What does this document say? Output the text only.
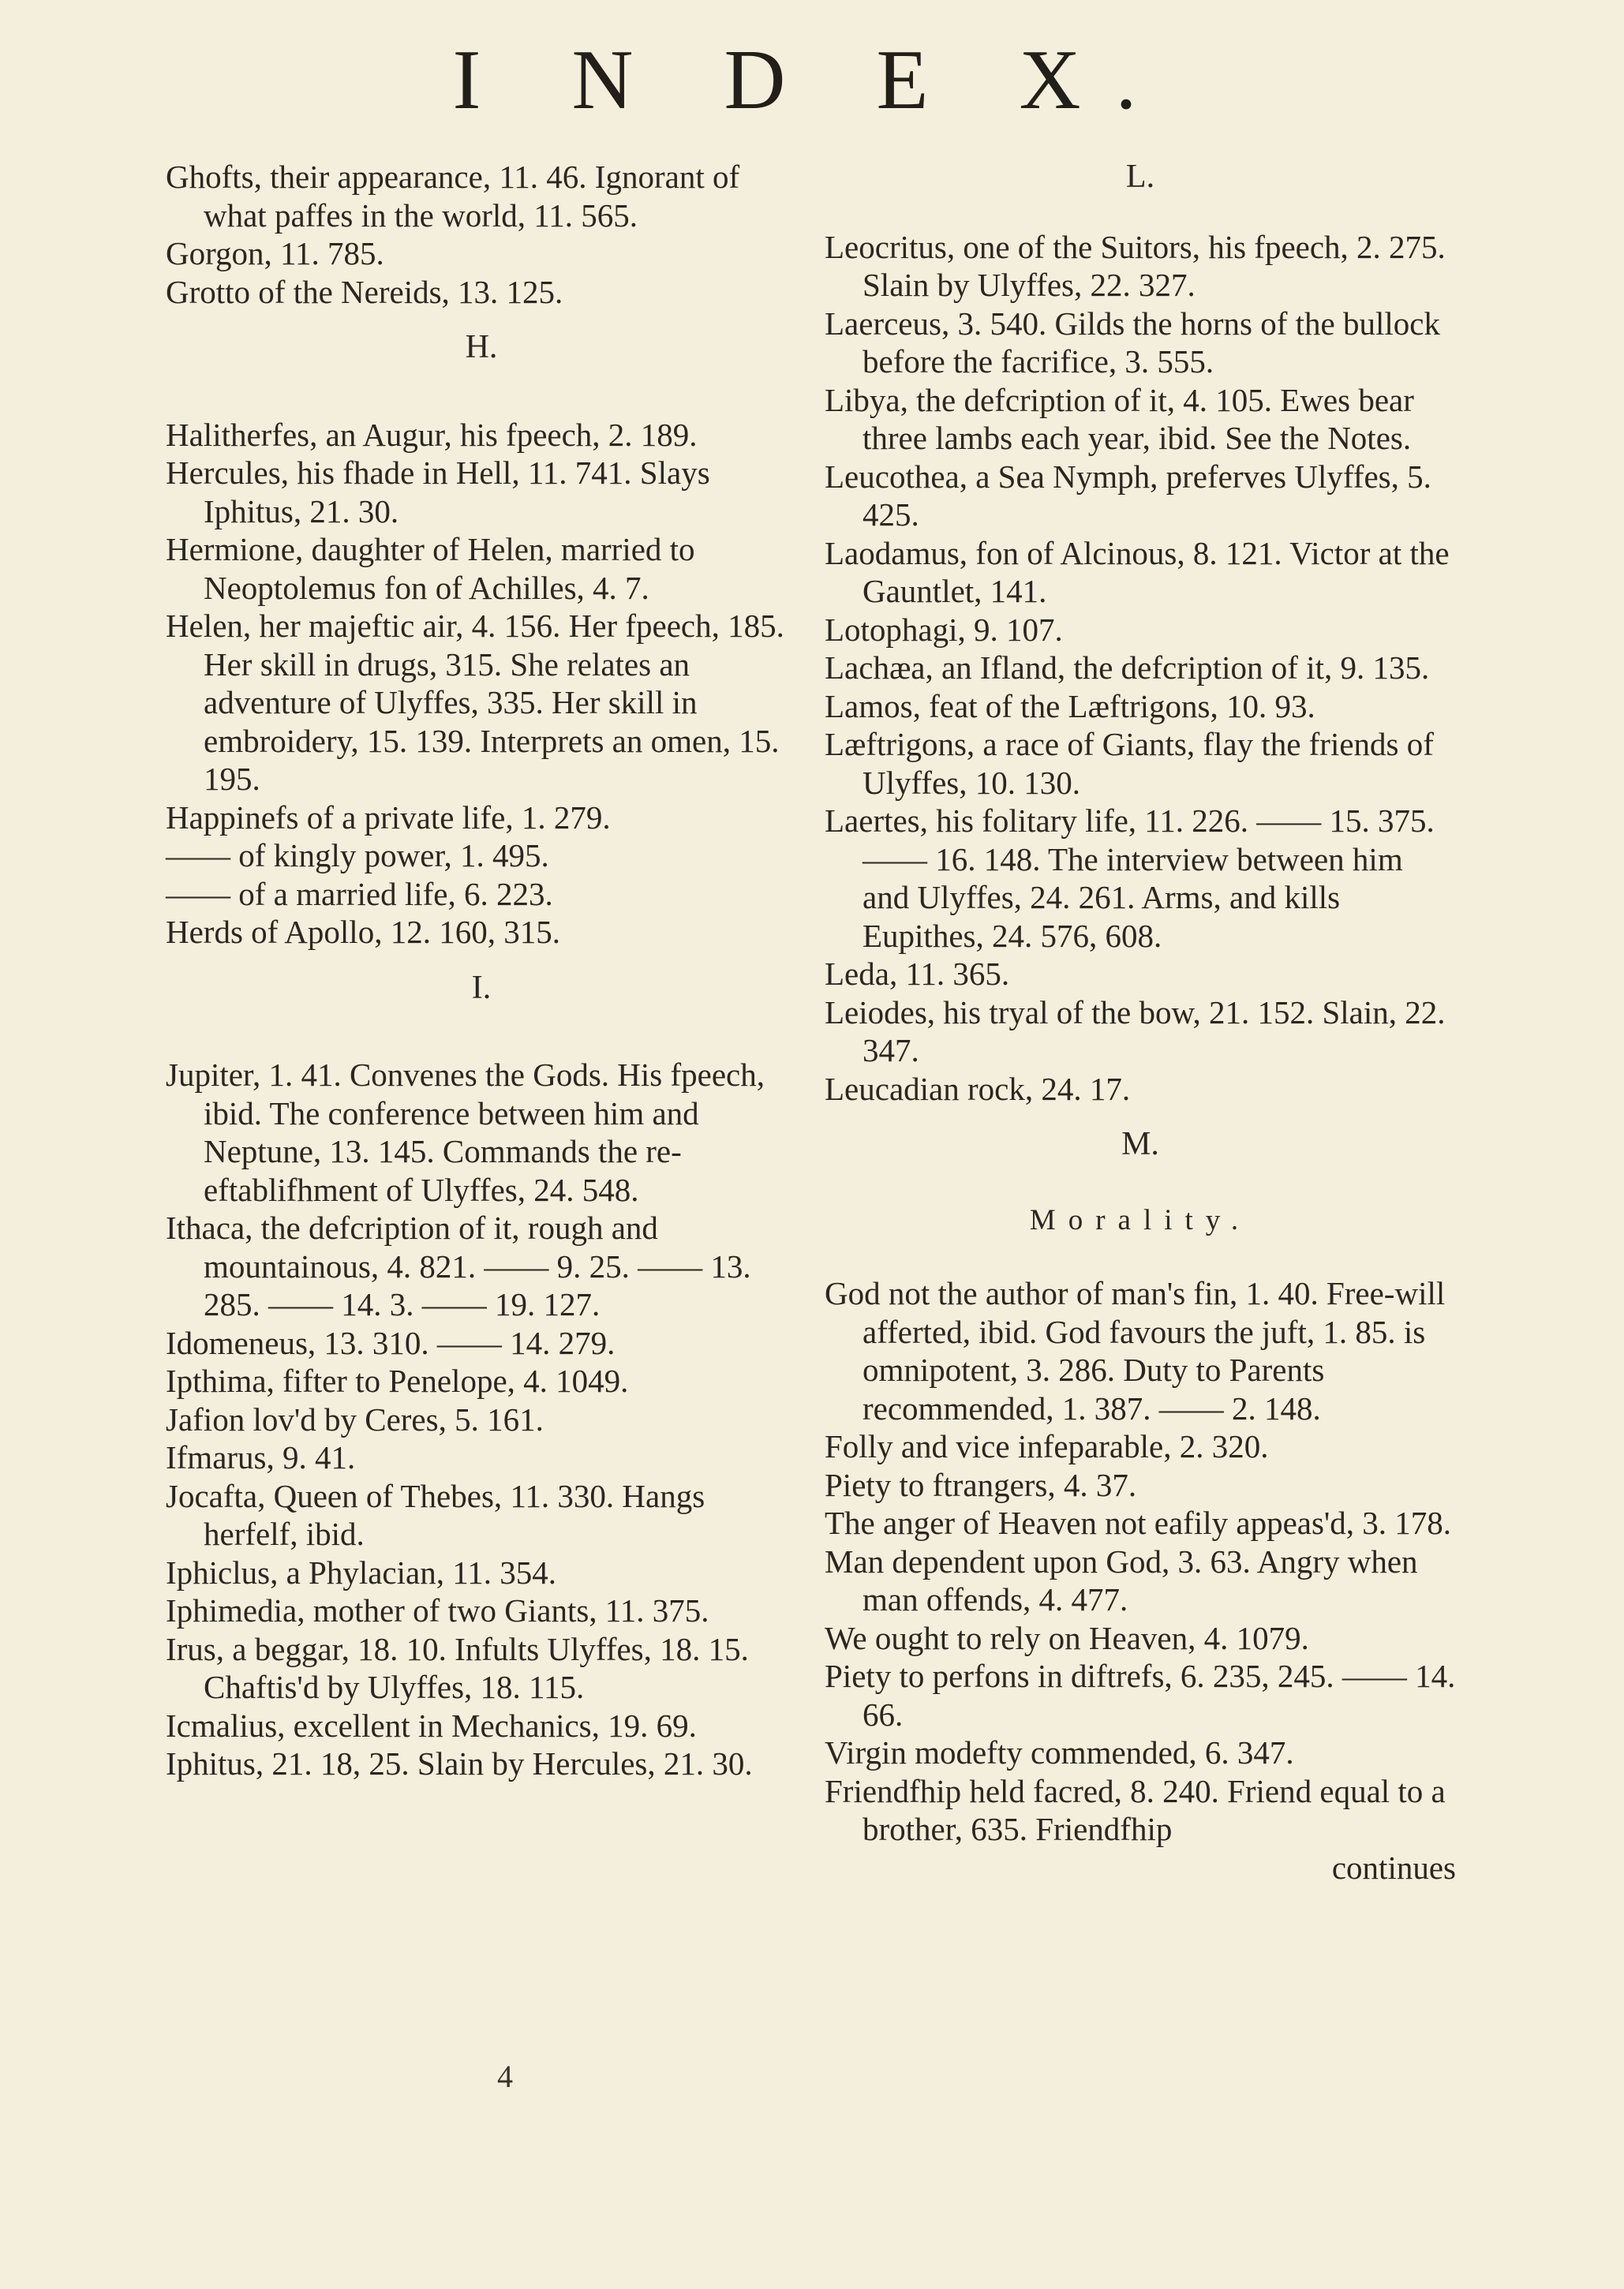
I N D E X.

Ghofts, their appearance, 11. 46. Ignorant of what paffes in the world, 11. 565.

Gorgon, 11. 785.

Grotto of the Nereids, 13. 125.

H.

Halitherfes, an Augur, his fpeech, 2. 189.

Hercules, his fhade in Hell, 11. 741. Slays Iphitus, 21. 30.

Hermione, daughter of Helen, married to Neoptolemus fon of Achilles, 4. 7.

Helen, her majeftic air, 4. 156. Her fpeech, 185. Her skill in drugs, 315. She relates an adventure of Ulyffes, 335. Her skill in embroidery, 15. 139. Interprets an omen, 15. 195.

Happinefs of a private life, 1. 279.

—— of kingly power, 1. 495.

—— of a married life, 6. 223.

Herds of Apollo, 12. 160, 315.

I.

Jupiter, 1. 41. Convenes the Gods. His fpeech, ibid. The conference between him and Neptune, 13. 145. Commands the re-eftablifhment of Ulyffes, 24. 548.

Ithaca, the defcription of it, rough and mountainous, 4. 821. —— 9. 25. —— 13. 285. —— 14. 3. —— 19. 127.

Idomeneus, 13. 310. —— 14. 279.

Ipthima, fifter to Penelope, 4. 1049.

Jafion lov'd by Ceres, 5. 161.

Ifmarus, 9. 41.

Jocafta, Queen of Thebes, 11. 330. Hangs herfelf, ibid.

Iphiclus, a Phylacian, 11. 354.

Iphimedia, mother of two Giants, 11. 375.

Irus, a beggar, 18. 10. Infults Ulyffes, 18. 15. Chaftis'd by Ulyffes, 18. 115.

Icmalius, excellent in Mechanics, 19. 69.

Iphitus, 21. 18, 25. Slain by Hercules, 21. 30.

L.

Leocritus, one of the Suitors, his fpeech, 2. 275. Slain by Ulyffes, 22. 327.

Laerceus, 3. 540. Gilds the horns of the bullock before the facrifice, 3. 555.

Libya, the defcription of it, 4. 105. Ewes bear three lambs each year, ibid. See the Notes.

Leucothea, a Sea Nymph, preferves Ulyffes, 5. 425.

Laodamus, fon of Alcinous, 8. 121. Victor at the Gauntlet, 141.

Lotophagi, 9. 107.

Lachæa, an Ifland, the defcription of it, 9. 135.

Lamos, feat of the Læftrigons, 10. 93.

Læftrigons, a race of Giants, flay the friends of Ulyffes, 10. 130.

Laertes, his folitary life, 11. 226. —— 15. 375. —— 16. 148. The interview between him and Ulyffes, 24. 261. Arms, and kills Eupithes, 24. 576, 608.

Leda, 11. 365.

Leiodes, his tryal of the bow, 21. 152. Slain, 22. 347.

Leucadian rock, 24. 17.

M.
Morality.

God not the author of man's fin, 1. 40. Free-will afferted, ibid. God favours the juft, 1. 85. is omnipotent, 3. 286. Duty to Parents recommended, 1. 387. —— 2. 148.

Folly and vice infeparable, 2. 320.

Piety to ftrangers, 4. 37.

The anger of Heaven not eafily appeas'd, 3. 178.

Man dependent upon God, 3. 63. Angry when man offends, 4. 477.

We ought to rely on Heaven, 4. 1079.

Piety to perfons in diftrefs, 6. 235, 245. —— 14. 66.

Virgin modefty commended, 6. 347.

Friendfhip held facred, 8. 240. Friend equal to a brother, 635. Friendfhip

continues

4
